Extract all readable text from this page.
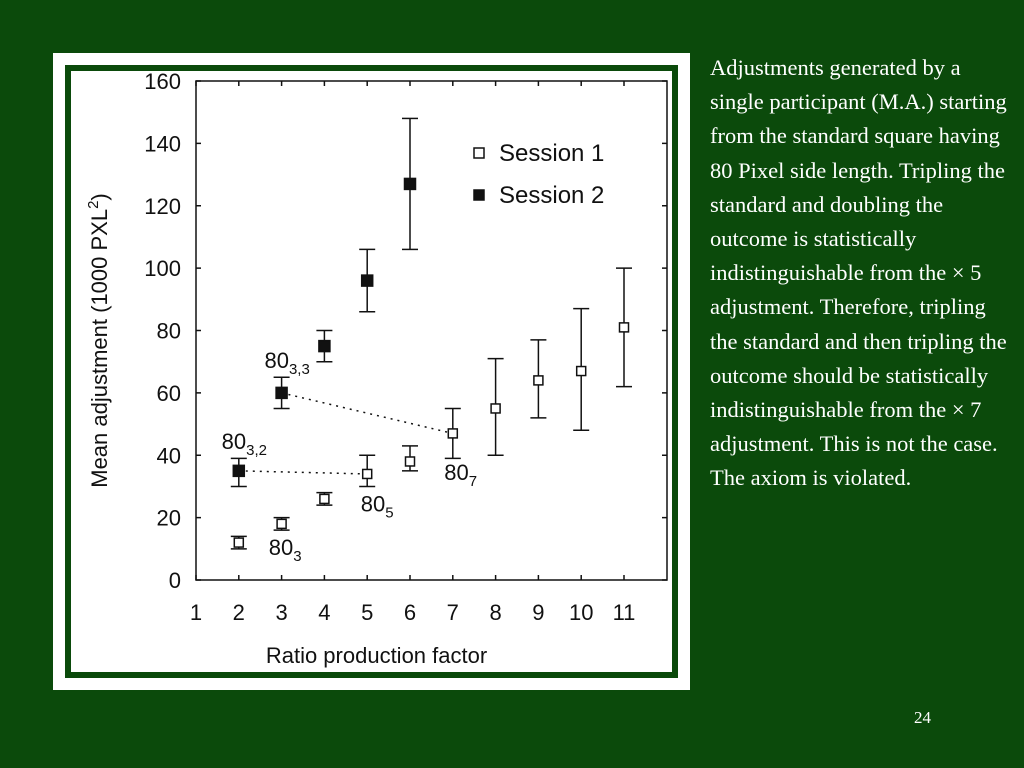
0
20
40
60
80
100
120
140
160
1 2 3 4 5 6 7 8 9 10 11
Ratio production factor
Mean adjustment (1000 PXL$^2$)
$80_{3,3}$
$80_{3,2}$
$80_7$
$80_5$
$80_3$
Session 1
Session 2

Adjustments generated by a single participant (M.A.) starting from the standard square having 80 Pixel side length. Tripling the standard and doubling the outcome is statistically indistinguishable from the × 5 adjustment. Therefore, tripling the standard and then tripling the outcome should be statistically indistinguishable from the × 7 adjustment. This is not the case. The axiom is violated.

24
